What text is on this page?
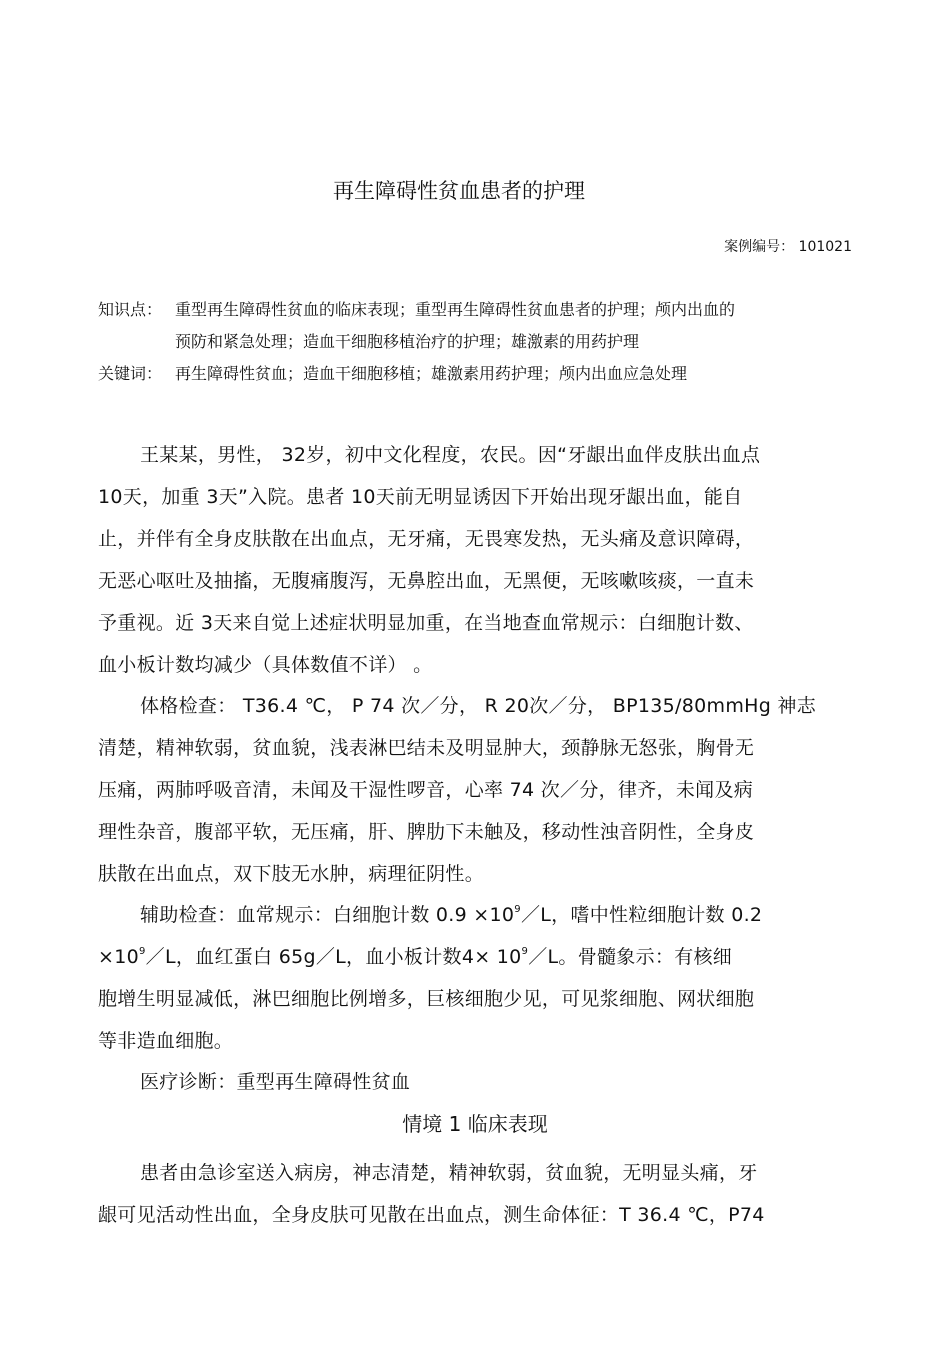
再生障碍性贫血患者的护理
案例编号： 101021
知识点： 重型再生障碍性贫血的临床表现；重型再生障碍性贫血患者的护理；颅内出血的
预防和紧急处理；造血干细胞移植治疗的护理；雄激素的用药护理
关键词： 再生障碍性贫血；造血干细胞移植；雄激素用药护理；颅内出血应急处理
王某某，男性， 32岁，初中文化程度，农民。因“牙龈出血伴皮肤出血点
10天，加重 3天”入院。患者 10天前无明显诱因下开始出现牙龈出血，能自
止，并伴有全身皮肤散在出血点，无牙痛，无畏寒发热，无头痛及意识障碍，
无恶心呕吐及抽搐，无腹痛腹泻，无鼻腔出血，无黑便，无咳嗽咳痰，一直未
予重视。近 3天来自觉上述症状明显加重，在当地查血常规示：白细胞计数、
血小板计数均减少（具体数值不详） 。
体格检查： T36.4 ℃， P 74 次／分， R 20次／分， BP135/80mmHg 神志
清楚，精神软弱，贫血貌，浅表淋巴结未及明显肿大，颈静脉无怒张，胸骨无
压痛，两肺呼吸音清，未闻及干湿性啰音，心率 74 次／分，律齐，未闻及病
理性杂音，腹部平软，无压痛，肝、脾肋下未触及，移动性浊音阴性，全身皮
肤散在出血点，双下肢无水肿，病理征阴性。
辅助检查：血常规示：白细胞计数 $0.9 \times 10^9/L$，嗜中性粒细胞计数 0.2
$\times 10^9/L$，血红蛋白 65g／L，血小板计数$4\times 10^9/L$。骨髓象示：有核细
胞增生明显减低，淋巴细胞比例增多，巨核细胞少见，可见浆细胞、网状细胞
等非造血细胞。
医疗诊断：重型再生障碍性贫血
情境 1 临床表现
患者由急诊室送入病房，神志清楚，精神软弱，贫血貌，无明显头痛，牙
龈可见活动性出血，全身皮肤可见散在出血点，测生命体征：T 36.4 ℃，P74
